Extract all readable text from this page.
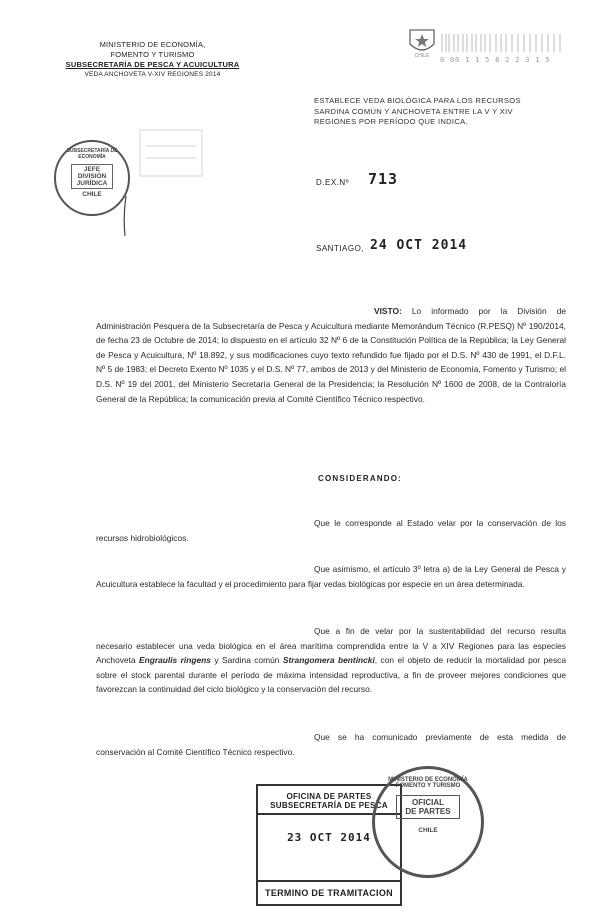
MINISTERIO DE ECONOMÍA,
FOMENTO Y TURISMO
SUBSECRETARÍA DE PESCA Y ACUICULTURA
VEDA ANCHOVETA V-XIV REGIONES 2014
CHILE 0 00 1 1 5 8 2 2 3 1 5
SUBSECRETARÍA DE ECONOMÍA
JEFE
DIVISIÓN
JURÍDICA
CHILE
ESTABLECE VEDA BIOLÓGICA PARA LOS RECURSOS
SARDINA COMÚN Y ANCHOVETA ENTRE LA V Y XIV
REGIONES POR PERÍODO QUE INDICA.
D.EX.Nº 713
SANTIAGO, 24 OCT 2014
VISTO: Lo informado por la División de Administración Pesquera de la Subsecretaría de Pesca y Acuicultura mediante Memorándum Técnico (R.PESQ) Nº 190/2014, de fecha 23 de Octubre de 2014; lo dispuesto en el artículo 32 Nº 6 de la Constitución Política de la República; la Ley General de Pesca y Acuicultura, Nº 18.892, y sus modificaciones cuyo texto refundido fue fijado por el D.S. Nº 430 de 1991, el D.F.L. Nº 5 de 1983; el Decreto Exento Nº 1035 y el D.S. Nº 77, ambos de 2013 y del Ministerio de Economía, Fomento y Turismo; el D.S. Nº 19 del 2001, del Ministerio Secretaría General de la Presidencia; la Resolución Nº 1600 de 2008, de la Contraloría General de la República; la comunicación previa al Comité Científico Técnico respectivo.
CONSIDERANDO:
Que le corresponde al Estado velar por la conservación de los recursos hidrobiológicos.
Que asimismo, el artículo 3º letra a) de la Ley General de Pesca y Acuicultura establece la facultad y el procedimiento para fijar vedas biológicas por especie en un área determinada.
Que a fin de velar por la sustentabilidad del recurso resulta necesario establecer una veda biológica en el área marítima comprendida entre la V a XIV Regiones para las especies Anchoveta Engraulis ringens y Sardina común Strangomera bentincki, con el objeto de reducir la mortalidad por pesca sobre el stock parental durante el período de máxima intensidad reproductiva, a fin de proveer mejores condiciones que favorezcan la continuidad del ciclo biológico y la conservación del recurso.
Que se ha comunicado previamente de esta medida de conservación al Comité Científico Técnico respectivo.
OFICINA DE PARTES
SUBSECRETARÍA DE PESCA
23 OCT 2014
TERMINO DE TRAMITACION
MINISTERIO DE ECONOMÍA FOMENTO Y TURISMO
OFICIAL
DE PARTES
CHILE
